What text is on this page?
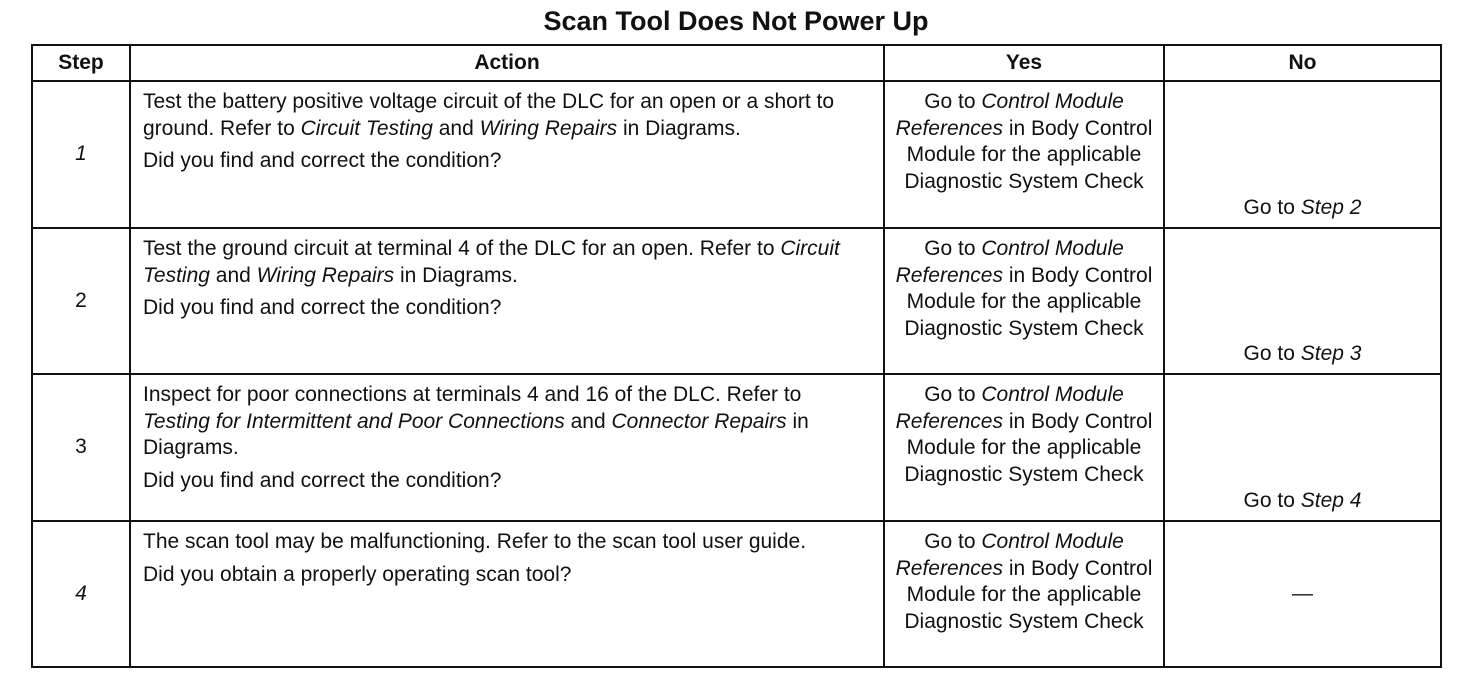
Scan Tool Does Not Power Up
Step	Action	Yes	No
1	Test the battery positive voltage circuit of the DLC for an open or a short to ground. Refer to Circuit Testing and Wiring Repairs in Diagrams.
Did you find and correct the condition?	Go to Control Module References in Body Control Module for the applicable Diagnostic System Check	Go to Step 2
2	Test the ground circuit at terminal 4 of the DLC for an open. Refer to Circuit Testing and Wiring Repairs in Diagrams.
Did you find and correct the condition?	Go to Control Module References in Body Control Module for the applicable Diagnostic System Check	Go to Step 3
3	Inspect for poor connections at terminals 4 and 16 of the DLC. Refer to Testing for Intermittent and Poor Connections and Connector Repairs in Diagrams.
Did you find and correct the condition?	Go to Control Module References in Body Control Module for the applicable Diagnostic System Check	Go to Step 4
4	The scan tool may be malfunctioning. Refer to the scan tool user guide.
Did you obtain a properly operating scan tool?	Go to Control Module References in Body Control Module for the applicable Diagnostic System Check	—
